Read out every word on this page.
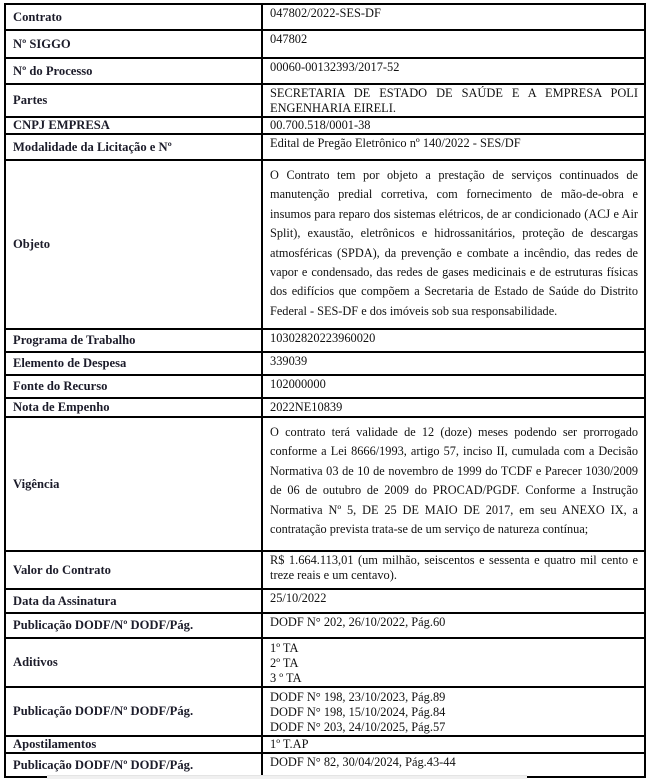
Contrato	047802/2022-SES-DF
Nº SIGGO	047802
Nº do Processo	00060-00132393/2017-52
Partes	SECRETARIA DE ESTADO DE SAÚDE E A EMPRESA POLI ENGENHARIA EIRELI.
CNPJ EMPRESA	00.700.518/0001-38
Modalidade da Licitação e Nº	Edital de Pregão Eletrônico nº 140/2022 - SES/DF
Objeto	O Contrato tem por objeto a prestação de serviços continuados de manutenção predial corretiva, com fornecimento de mão-de-obra e insumos para reparo dos sistemas elétricos, de ar condicionado (ACJ e Air Split), exaustão, eletrônicos e hidrossanitários, proteção de descargas atmosféricas (SPDA), da prevenção e combate a incêndio, das redes de vapor e condensado, das redes de gases medicinais e de estruturas físicas dos edifícios que compõem a Secretaria de Estado de Saúde do Distrito Federal - SES-DF e dos imóveis sob sua responsabilidade.
Programa de Trabalho	10302820223960020
Elemento de Despesa	339039
Fonte do Recurso	102000000
Nota de Empenho	2022NE10839
Vigência	O contrato terá validade de 12 (doze) meses podendo ser prorrogado conforme a Lei 8666/1993, artigo 57, inciso II, cumulada com a Decisão Normativa 03 de 10 de novembro de 1999 do TCDF e Parecer 1030/2009 de 06 de outubro de 2009 do PROCAD/PGDF. Conforme a Instrução Normativa Nº 5, DE 25 DE MAIO DE 2017, em seu ANEXO IX, a contratação prevista trata-se de um serviço de natureza contínua;
Valor do Contrato	R$ 1.664.113,01 (um milhão, seiscentos e sessenta e quatro mil cento e treze reais e um centavo).
Data da Assinatura	25/10/2022
Publicação DODF/Nº DODF/Pág.	DODF N° 202, 26/10/2022, Pág.60
Aditivos	1º TA
2º TA
3 º TA

Publicação DODF/Nº DODF/Pág.	DODF N° 198, 23/10/2023, Pág.89
DODF N° 198, 15/10/2024, Pág.84
DODF N° 203, 24/10/2025, Pág.57

Apostilamentos	1º T.AP
Publicação DODF/Nº DODF/Pág.	DODF N° 82, 30/04/2024, Pág.43-44
